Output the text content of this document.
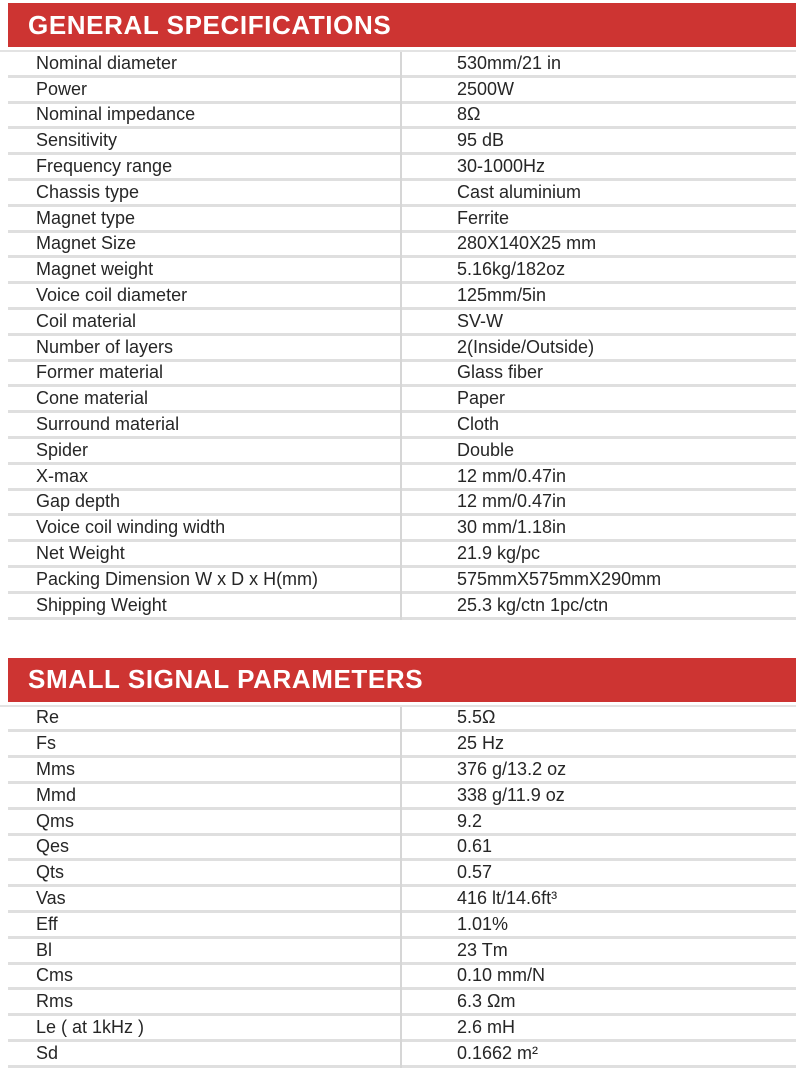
GENERAL SPECIFICATIONS
Nominal diameter	530mm/21 in
Power	2500W
Nominal impedance	8Ω
Sensitivity	95 dB
Frequency range	30-1000Hz
Chassis type	Cast aluminium
Magnet type	Ferrite
Magnet Size	280X140X25 mm
Magnet weight	5.16kg/182oz
Voice coil diameter	125mm/5in
Coil material	SV-W
Number of layers	2(Inside/Outside)
Former material	Glass fiber
Cone material	Paper
Surround material	Cloth
Spider	Double
X-max	12 mm/0.47in
Gap depth	12 mm/0.47in
Voice coil winding width	30 mm/1.18in
Net Weight	21.9 kg/pc
Packing Dimension W x D x H(mm)	575mmX575mmX290mm
Shipping Weight	25.3 kg/ctn 1pc/ctn
SMALL SIGNAL PARAMETERS
Re	5.5Ω
Fs	25 Hz
Mms	376 g/13.2 oz
Mmd	338 g/11.9 oz
Qms	9.2
Qes	0.61
Qts	0.57
Vas	416 lt/14.6ft³
Eff	1.01%
Bl	23 Tm
Cms	0.10 mm/N
Rms	6.3 Ωm
Le ( at 1kHz )	2.6 mH
Sd	0.1662 m²
